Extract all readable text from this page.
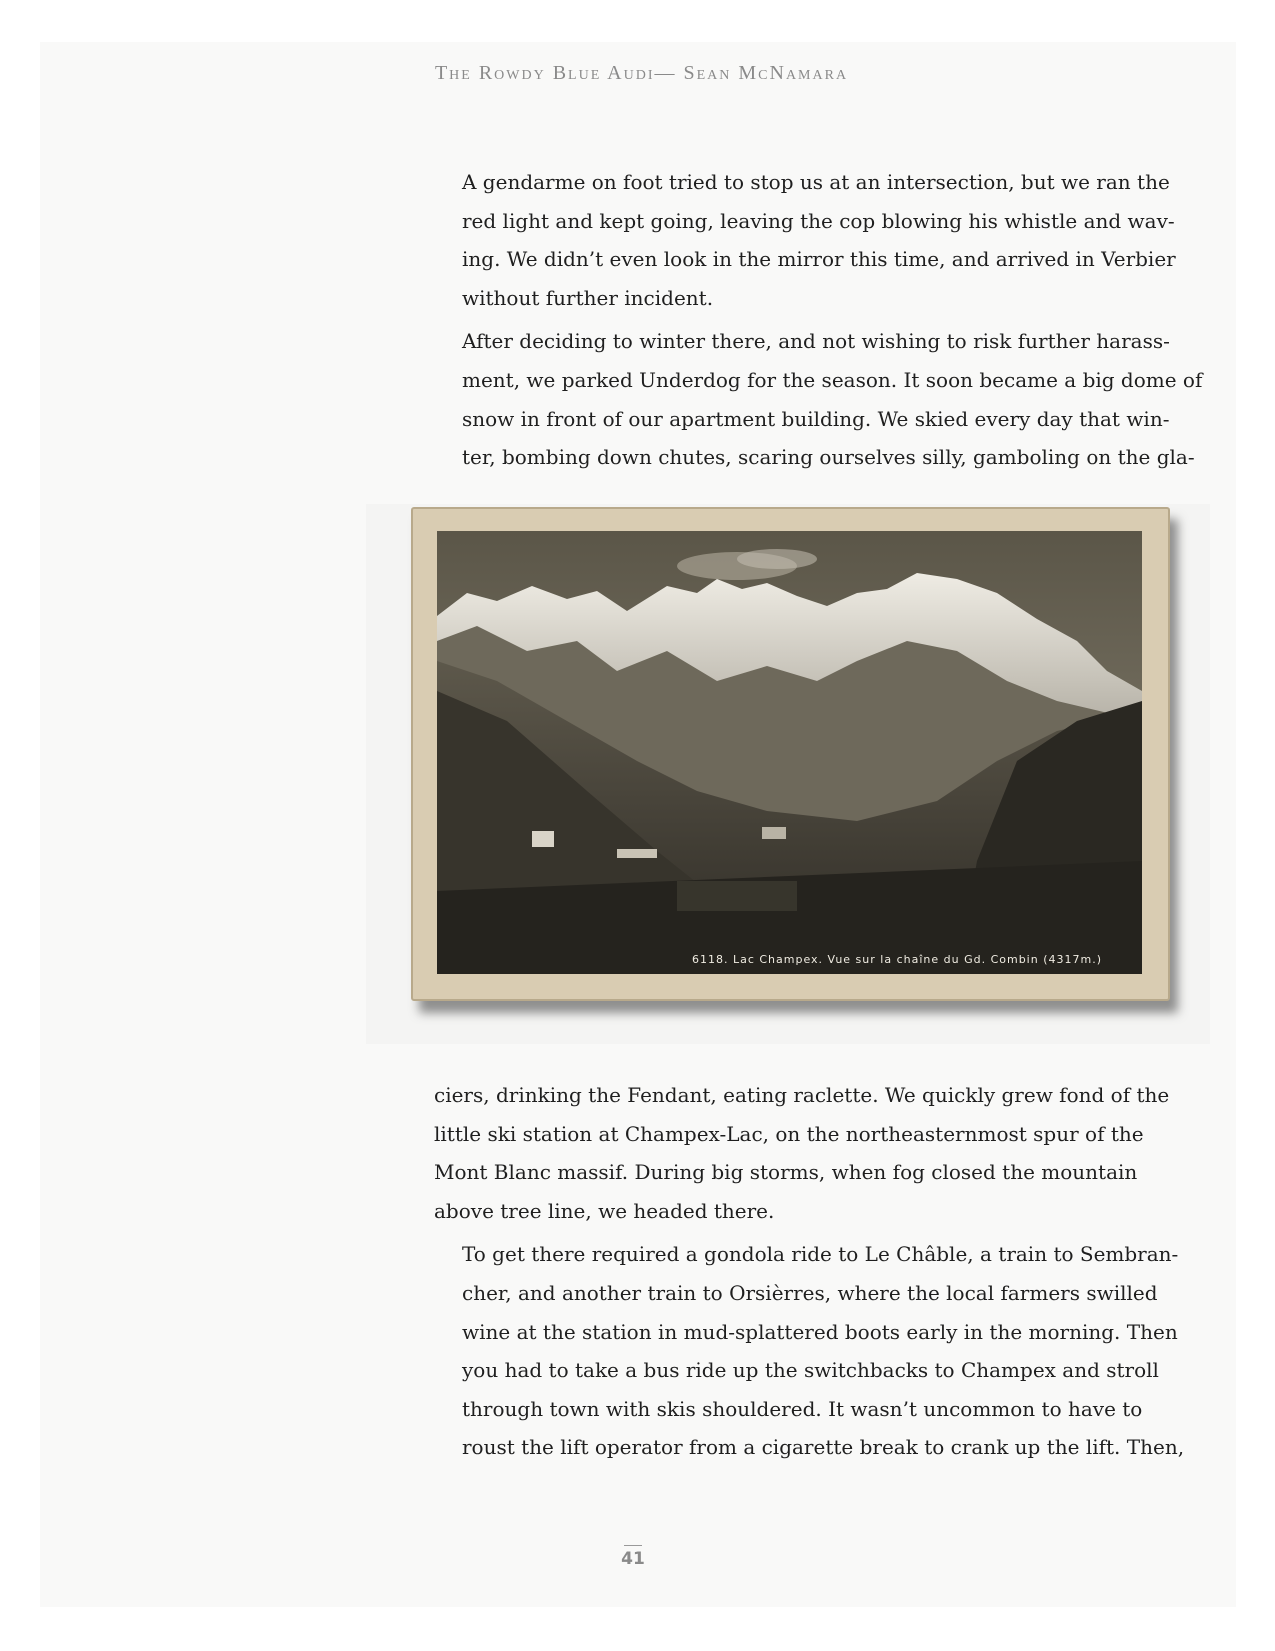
The Rowdy Blue Audi— Sean McNamara

A gendarme on foot tried to stop us at an intersection, but we ran the
red light and kept going, leaving the cop blowing his whistle and wav-
ing. We didn’t even look in the mirror this time, and arrived in Verbier
without further incident.

After deciding to winter there, and not wishing to risk further harass-
ment, we parked Underdog for the season. It soon became a big dome of
snow in front of our apartment building. We skied every day that win-
ter, bombing down chutes, scaring ourselves silly, gamboling on the gla-

6118. Lac Champex. Vue sur la chaîne du Gd. Combin (4317m.)

ciers, drinking the Fendant, eating raclette. We quickly grew fond of the
little ski station at Champex-Lac, on the northeasternmost spur of the
Mont Blanc massif. During big storms, when fog closed the mountain
above tree line, we headed there.

To get there required a gondola ride to Le Châble, a train to Sembran-
cher, and another train to Orsièrres, where the local farmers swilled
wine at the station in mud-splattered boots early in the morning. Then
you had to take a bus ride up the switchbacks to Champex and stroll
through town with skis shouldered. It wasn’t uncommon to have to
roust the lift operator from a cigarette break to crank up the lift. Then,

41
